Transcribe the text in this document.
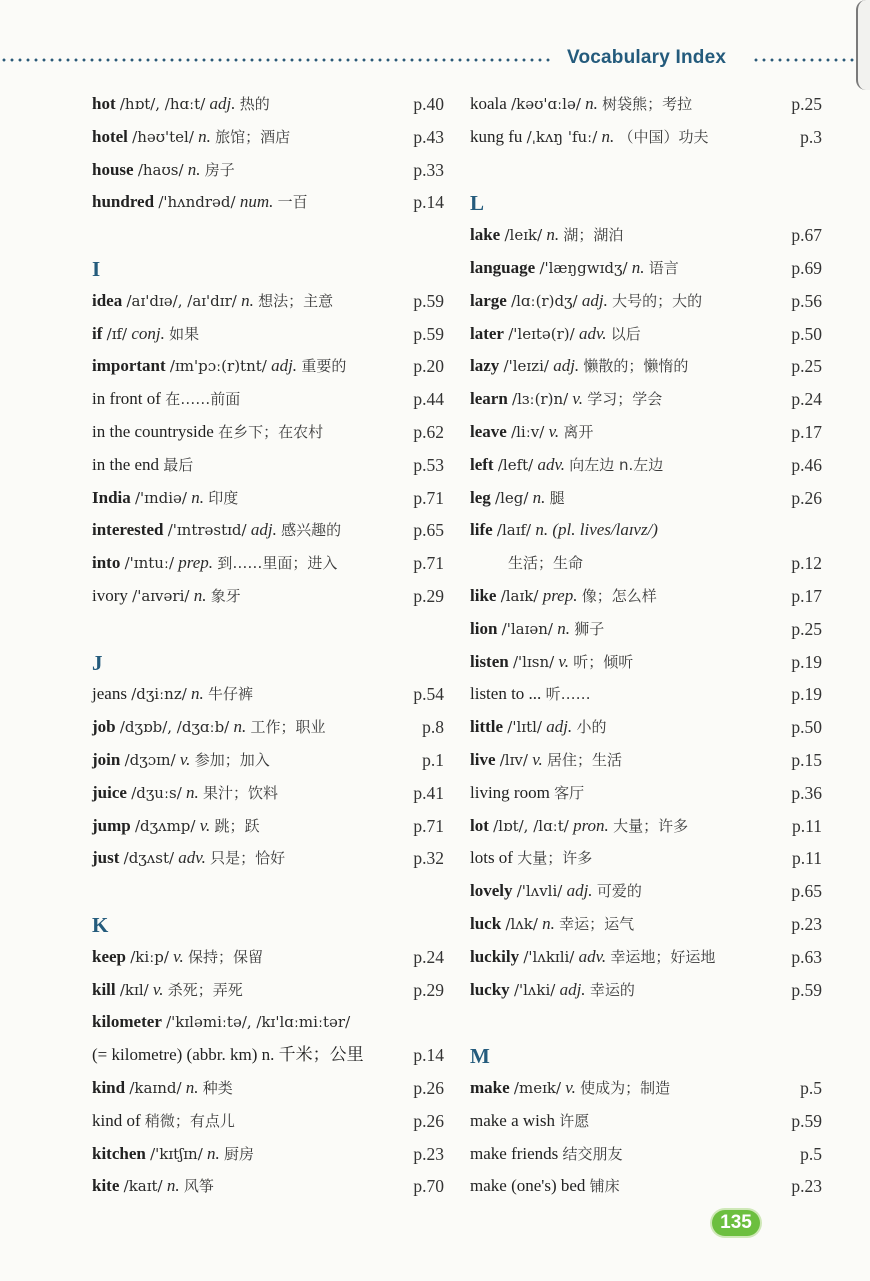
Vocabulary Index
hot /hɒt/, /hɑːt/ adj. 热的	p.40
hotel /həʊ'tel/ n. 旅馆；酒店	p.43
house /haʊs/ n. 房子	p.33
hundred /'hʌndrəd/ num. 一百	p.14
I
idea /aɪ'dɪə/, /aɪ'dɪr/ n. 想法；主意	p.59
if /ɪf/ conj. 如果	p.59
important /ɪm'pɔː(r)tnt/ adj. 重要的	p.20
in front of 在……前面	p.44
in the countryside 在乡下；在农村	p.62
in the end 最后	p.53
India /'ɪndiə/ n. 印度	p.71
interested /'ɪntrəstɪd/ adj. 感兴趣的	p.65
into /'ɪntuː/ prep. 到……里面；进入	p.71
ivory /'aɪvəri/ n. 象牙	p.29
J
jeans /dʒiːnz/ n. 牛仔裤	p.54
job /dʒɒb/, /dʒɑːb/ n. 工作；职业	p.8
join /dʒɔɪn/ v. 参加；加入	p.1
juice /dʒuːs/ n. 果汁；饮料	p.41
jump /dʒʌmp/ v. 跳；跃	p.71
just /dʒʌst/ adv. 只是；恰好	p.32
K
keep /kiːp/ v. 保持；保留	p.24
kill /kɪl/ v. 杀死；弄死	p.29
kilometer /'kɪləmiːtə/, /kɪ'lɑːmiːtər/
(= kilometre) (abbr. km) n. 千米；公里	p.14
kind /kaɪnd/ n. 种类	p.26
kind of 稍微；有点儿	p.26
kitchen /'kɪtʃɪn/ n. 厨房	p.23
kite /kaɪt/ n. 风筝	p.70
koala /kəʊ'ɑːlə/ n. 树袋熊；考拉	p.25
kung fu /ˌkʌŋ 'fuː/ n. （中国）功夫	p.3
L
lake /leɪk/ n. 湖；湖泊	p.67
language /'læŋgwɪdʒ/ n. 语言	p.69
large /lɑː(r)dʒ/ adj. 大号的；大的	p.56
later /'leɪtə(r)/ adv. 以后	p.50
lazy /'leɪzi/ adj. 懒散的；懒惰的	p.25
learn /lɜː(r)n/ v. 学习；学会	p.24
leave /liːv/ v. 离开	p.17
left /left/ adv. 向左边 n.左边	p.46
leg /leg/ n. 腿	p.26
life /laɪf/ n. (pl. lives/laɪvz/)
生活；生命	p.12
like /laɪk/ prep. 像；怎么样	p.17
lion /'laɪən/ n. 狮子	p.25
listen /'lɪsn/ v. 听；倾听	p.19
listen to ... 听……	p.19
little /'lɪtl/ adj. 小的	p.50
live /lɪv/ v. 居住；生活	p.15
living room 客厅	p.36
lot /lɒt/, /lɑːt/ pron. 大量；许多	p.11
lots of 大量；许多	p.11
lovely /'lʌvli/ adj. 可爱的	p.65
luck /lʌk/ n. 幸运；运气	p.23
luckily /'lʌkɪli/ adv. 幸运地；好运地	p.63
lucky /'lʌki/ adj. 幸运的	p.59
M
make /meɪk/ v. 使成为；制造	p.5
make a wish 许愿	p.59
make friends 结交朋友	p.5
make (one's) bed 铺床	p.23
135
